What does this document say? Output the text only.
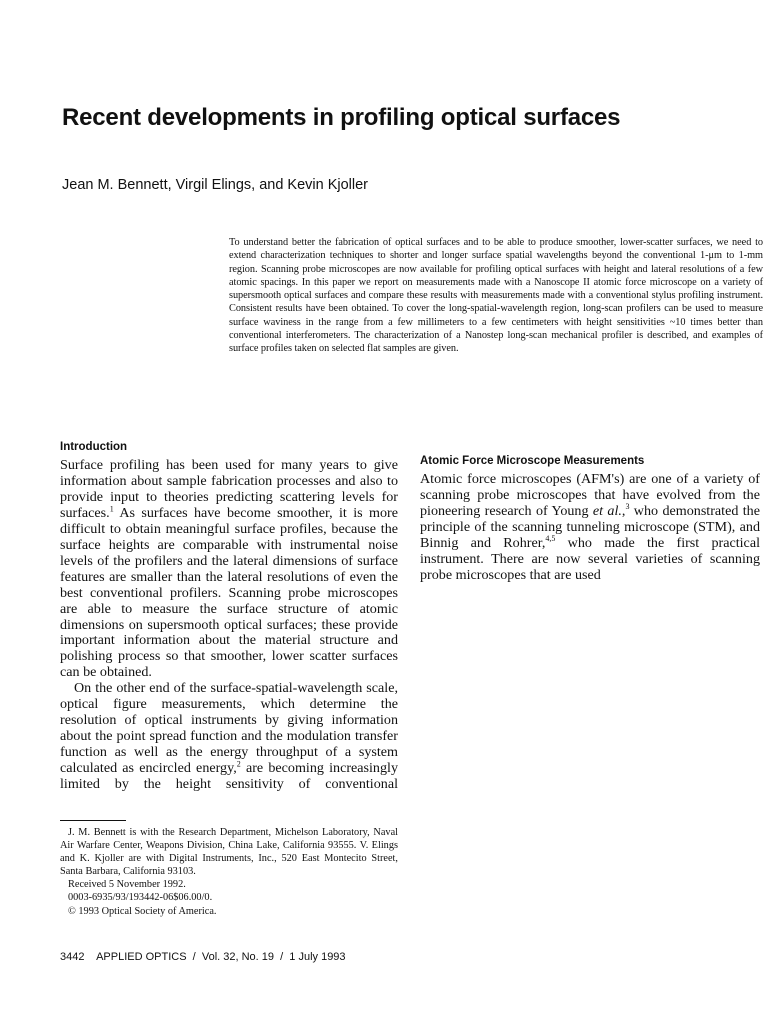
Recent developments in profiling optical surfaces

Jean M. Bennett, Virgil Elings, and Kevin Kjoller

To understand better the fabrication of optical surfaces and to be able to produce smoother, lower-scatter surfaces, we need to extend characterization techniques to shorter and longer surface spatial wavelengths beyond the conventional 1-μm to 1-mm region. Scanning probe microscopes are now available for profiling optical surfaces with height and lateral resolutions of a few atomic spacings. In this paper we report on measurements made with a Nanoscope II atomic force microscope on a variety of supersmooth optical surfaces and compare these results with measurements made with a conventional stylus profiling instrument. Consistent results have been obtained. To cover the long-spatial-wavelength region, long-scan profilers can be used to measure surface waviness in the range from a few millimeters to a few centimeters with height sensitivities ~10 times better than conventional interferometers. The characterization of a Nanostep long-scan mechanical profiler is described, and examples of surface profiles taken on selected flat samples are given.

Introduction

Surface profiling has been used for many years to give information about sample fabrication processes and also to provide input to theories predicting scattering levels for surfaces.$^1$ As surfaces have become smoother, it is more difficult to obtain meaningful surface profiles, because the surface heights are comparable with instrumental noise levels of the profilers and the lateral dimensions of surface features are smaller than the lateral resolutions of even the best conventional profilers. Scanning probe microscopes are able to measure the surface structure of atomic dimensions on supersmooth optical surfaces; these provide important information about the material structure and polishing process so that smoother, lower scatter surfaces can be obtained.

On the other end of the surface-spatial-wavelength scale, optical figure measurements, which determine the resolution of optical instruments by giving information about the point spread function and the modulation transfer function as well as the energy throughput of a system calculated as encircled energy,$^2$ are becoming increasingly limited by the height sensitivity of conventional

Atomic Force Microscope Measurements

Atomic force microscopes (AFM's) are one of a variety of scanning probe microscopes that have evolved from the pioneering research of Young et al.,$^3$ who demonstrated the principle of the scanning tunneling microscope (STM), and Binnig and Rohrer,$^{4,5}$ who made the first practical instrument. There are now several varieties of scanning probe microscopes that are used

J. M. Bennett is with the Research Department, Michelson Laboratory, Naval Air Warfare Center, Weapons Division, China Lake, California 93555. V. Elings and K. Kjoller are with Digital Instruments, Inc., 520 East Montecito Street, Santa Barbara, California 93103.

Received 5 November 1992.

0003-6935/93/193442-06$06.00/0.

© 1993 Optical Society of America.

3442    APPLIED OPTICS  /  Vol. 32, No. 19  /  1 July 1993
